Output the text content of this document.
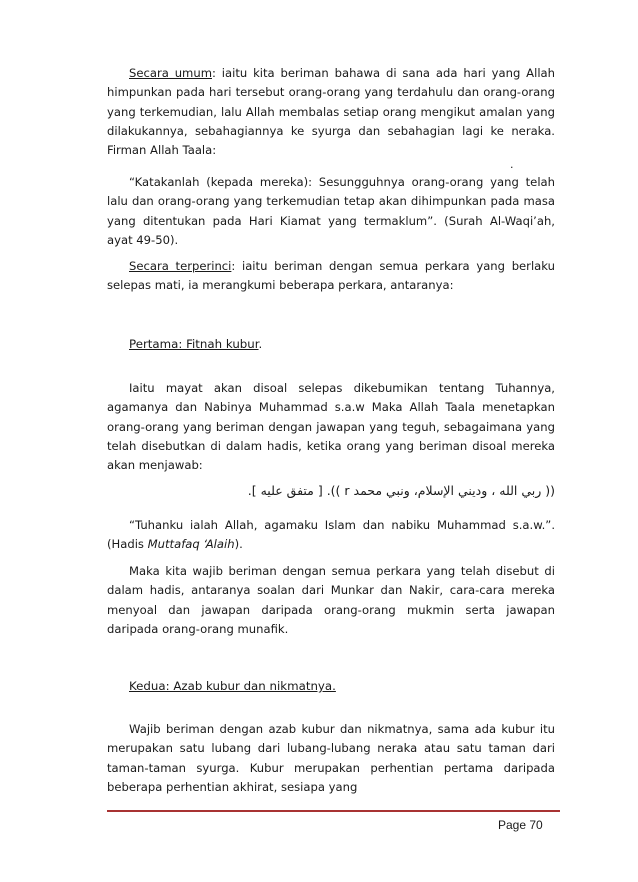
Secara umum: iaitu kita beriman bahawa di sana ada hari yang Allah himpunkan pada hari tersebut orang-orang yang terdahulu dan orang-orang yang terkemudian, lalu Allah membalas setiap orang mengikut amalan yang dilakukannya, sebahagiannya ke syurga dan sebahagian lagi ke neraka. Firman Allah Taala:

.

“Katakanlah (kepada mereka): Sesungguhnya orang-orang yang telah lalu dan orang-orang yang terkemudian tetap akan dihimpunkan pada masa yang ditentukan pada Hari Kiamat yang termaklum”. (Surah Al-Waqi’ah, ayat 49-50).

Secara terperinci: iaitu beriman dengan semua perkara yang berlaku selepas mati, ia merangkumi beberapa perkara, antaranya:

Pertama: Fitnah kubur.

Iaitu mayat akan disoal selepas dikebumikan tentang Tuhannya, agamanya dan Nabinya Muhammad s.a.w Maka Allah Taala menetapkan orang-orang yang beriman dengan jawapan yang teguh, sebagaimana yang telah disebutkan di dalam hadis, ketika orang yang beriman disoal mereka akan menjawab:

(( ربي الله ، وديني الإسلام، ونبي محمد r )). [ متفق عليه ].

“Tuhanku ialah Allah, agamaku Islam dan nabiku Muhammad s.a.w.”. (Hadis Muttafaq ‘Alaih).

Maka kita wajib beriman dengan semua perkara yang telah disebut di dalam hadis, antaranya soalan dari Munkar dan Nakir, cara-cara mereka menyoal dan jawapan daripada orang-orang mukmin serta jawapan daripada orang-orang munafik.

Kedua: Azab kubur dan nikmatnya.

Wajib beriman dengan azab kubur dan nikmatnya, sama ada kubur itu merupakan satu lubang dari lubang-lubang neraka atau satu taman dari taman-taman syurga. Kubur merupakan perhentian pertama daripada beberapa perhentian akhirat, sesiapa yang

Page 70
